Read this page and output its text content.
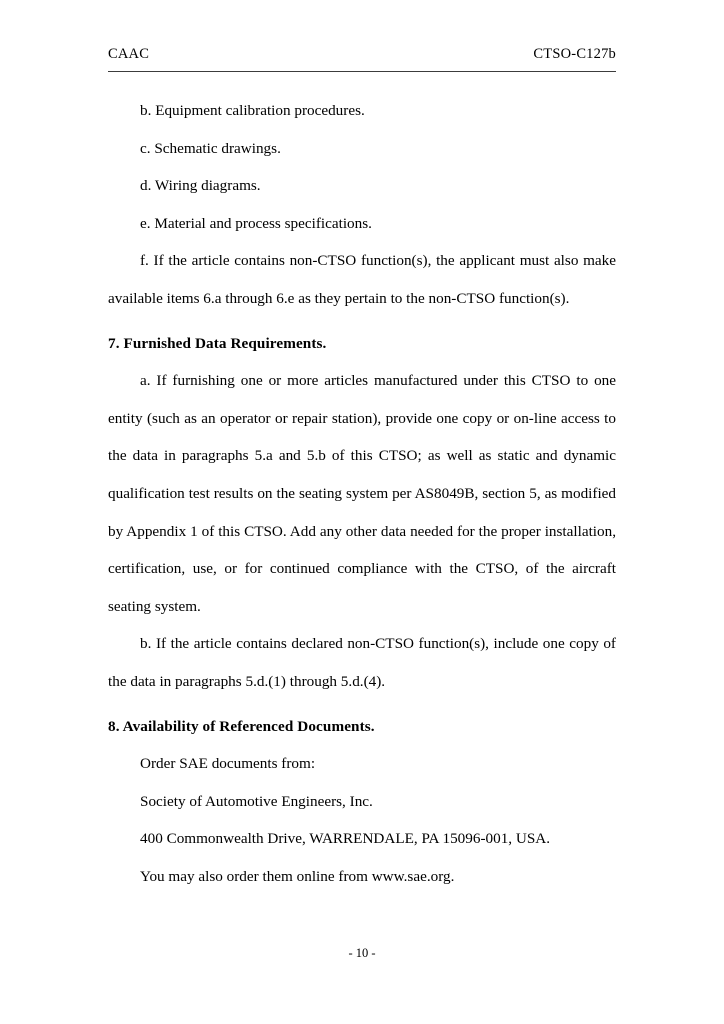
CAAC	CTSO-C127b

b. Equipment calibration procedures.

c. Schematic drawings.

d. Wiring diagrams.

e. Material and process specifications.

f. If the article contains non-CTSO function(s), the applicant must also make available items 6.a through 6.e as they pertain to the non-CTSO function(s).

7. Furnished Data Requirements.

a. If furnishing one or more articles manufactured under this CTSO to one entity (such as an operator or repair station), provide one copy or on-line access to the data in paragraphs 5.a and 5.b of this CTSO; as well as static and dynamic qualification test results on the seating system per AS8049B, section 5, as modified by Appendix 1 of this CTSO. Add any other data needed for the proper installation, certification, use, or for continued compliance with the CTSO, of the aircraft seating system.

b. If the article contains declared non-CTSO function(s), include one copy of the data in paragraphs 5.d.(1) through 5.d.(4).

8. Availability of Referenced Documents.

Order SAE documents from:

Society of Automotive Engineers, Inc.

400 Commonwealth Drive, WARRENDALE, PA 15096-001, USA.

You may also order them online from www.sae.org.

- 10 -
